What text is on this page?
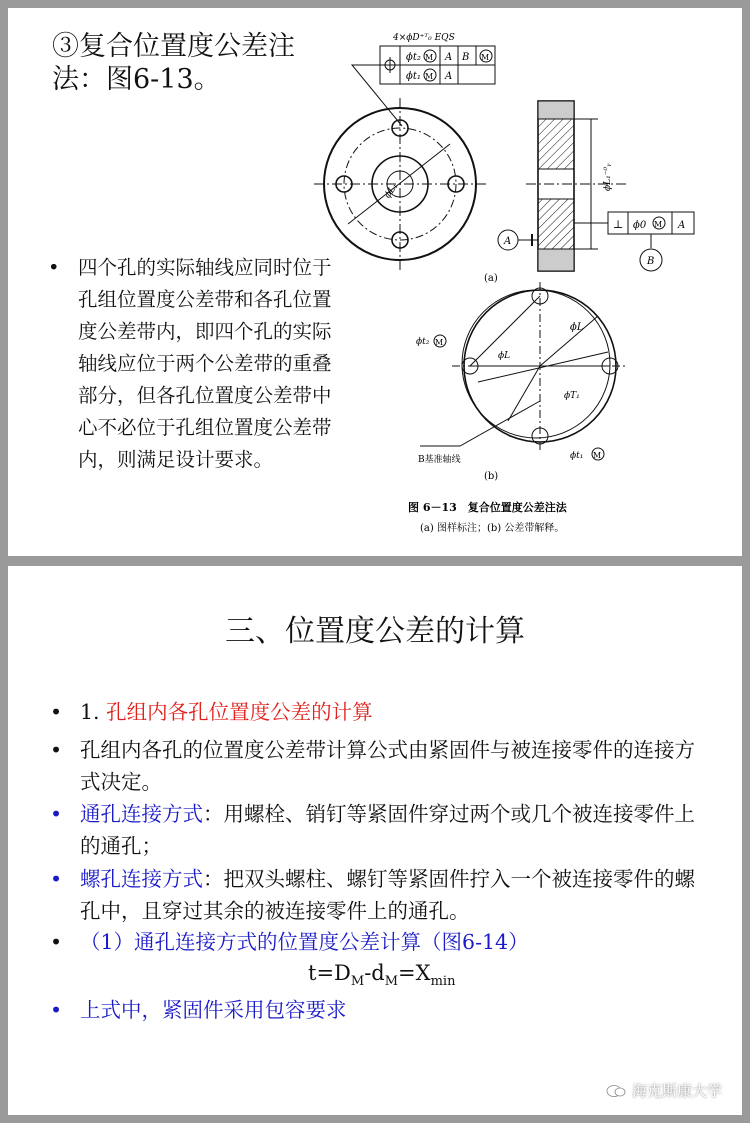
③复合位置度公差注法：图6-13。
• 四个孔的实际轴线应同时位于孔组位置度公差带和各孔位置度公差带内，即四个孔的实际轴线应位于两个公差带的重叠部分，但各孔位置度公差带中心不必位于孔组位置度公差带内，则满足设计要求。
4×ϕD⁺ᵀ₀ EQS
ϕt₂ M A B M
ϕt₁ M A
ϕL₁
ϕL₁⁻⁰ᵧ
⊥ ϕ0 M A
B
A
(a)
ϕt₂ M
ϕL
ϕL
ϕT₁
ϕt₁ M
B基准轴线
(b)
图 6－13　复合位置度公差注法
(a) 图样标注；(b) 公差带解释。
三、位置度公差的计算
• 1. 孔组内各孔位置度公差的计算
• 孔组内各孔的位置度公差带计算公式由紧固件与被连接零件的连接方式决定。
• 通孔连接方式：用螺栓、销钉等紧固件穿过两个或几个被连接零件上的通孔；
• 螺孔连接方式：把双头螺柱、螺钉等紧固件拧入一个被连接零件的螺孔中，且穿过其余的被连接零件上的通孔。
• （1）通孔连接方式的位置度公差计算（图6-14）
$t=D_M-d_M=X_{min}$
• 上式中，紧固件采用包容要求
海克斯康大学
